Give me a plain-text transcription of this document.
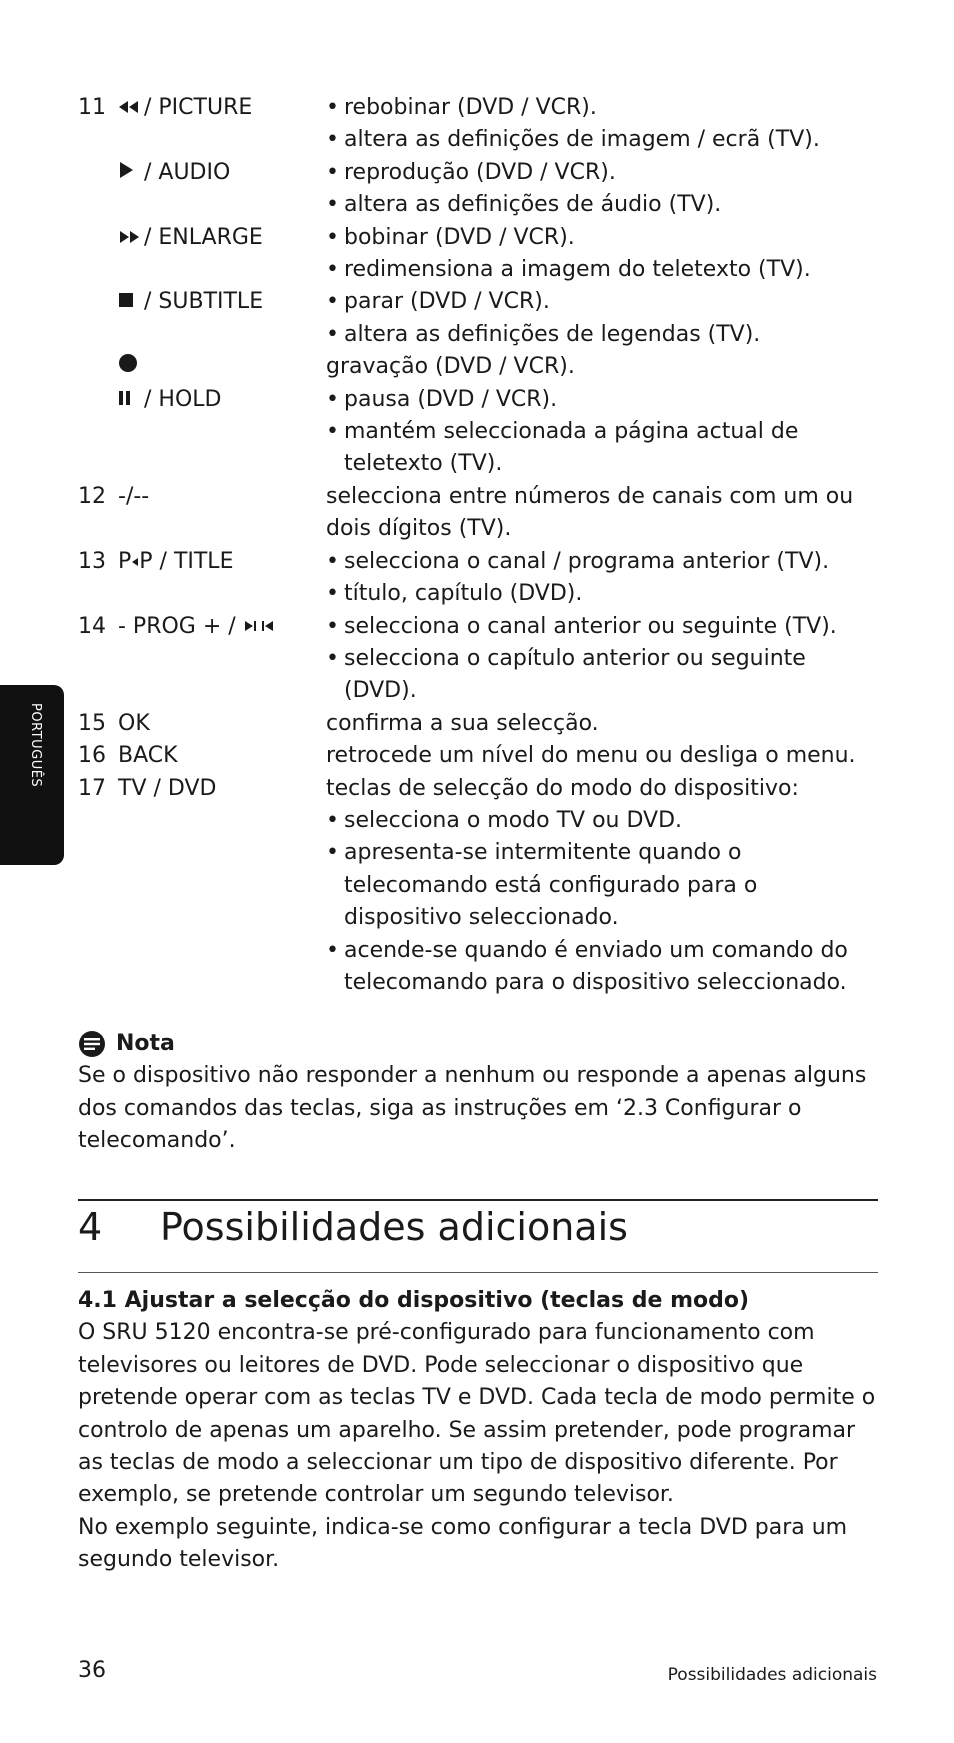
11	/ PICTURE	• rebobinar (DVD / VCR).
• altera as definições de imagem / ecrã (TV).
/ AUDIO	• reprodução (DVD / VCR).
• altera as definições de áudio (TV).
/ ENLARGE	• bobinar (DVD / VCR).
• redimensiona a imagem do teletexto (TV).
/ SUBTITLE	• parar (DVD / VCR).
• altera as definições de legendas (TV).
gravação (DVD / VCR).
/ HOLD	• pausa (DVD / VCR).
• mantém seleccionada a página actual de teletexto (TV).
12 -/--	selecciona entre números de canais com um ou dois dígitos (TV).
13 P P / TITLE	• selecciona o canal / programa anterior (TV).
• título, capítulo (DVD).
14 - PROG + /	• selecciona o canal anterior ou seguinte (TV).
• selecciona o capítulo anterior ou seguinte (DVD).
15 OK	confirma a sua selecção.
16 BACK	retrocede um nível do menu ou desliga o menu.
17 TV / DVD	teclas de selecção do modo do dispositivo:
• selecciona o modo TV ou DVD.
• apresenta-se intermitente quando o telecomando está configurado para o dispositivo seleccionado.
• acende-se quando é enviado um comando do telecomando para o dispositivo seleccionado.
PORTUGUÊS
Nota
Se o dispositivo não responder a nenhum ou responde a apenas alguns dos comandos das teclas, siga as instruções em ‘2.3 Configurar o telecomando’.
4 Possibilidades adicionais
4.1 Ajustar a selecção do dispositivo (teclas de modo)

O SRU 5120 encontra-se pré-configurado para funcionamento com televisores ou leitores de DVD. Pode seleccionar o dispositivo que pretende operar com as teclas TV e DVD. Cada tecla de modo permite o controlo de apenas um aparelho. Se assim pretender, pode programar as teclas de modo a seleccionar um tipo de dispositivo diferente. Por exemplo, se pretende controlar um segundo televisor.

No exemplo seguinte, indica-se como configurar a tecla DVD para um segundo televisor.

36	Possibilidades adicionais
